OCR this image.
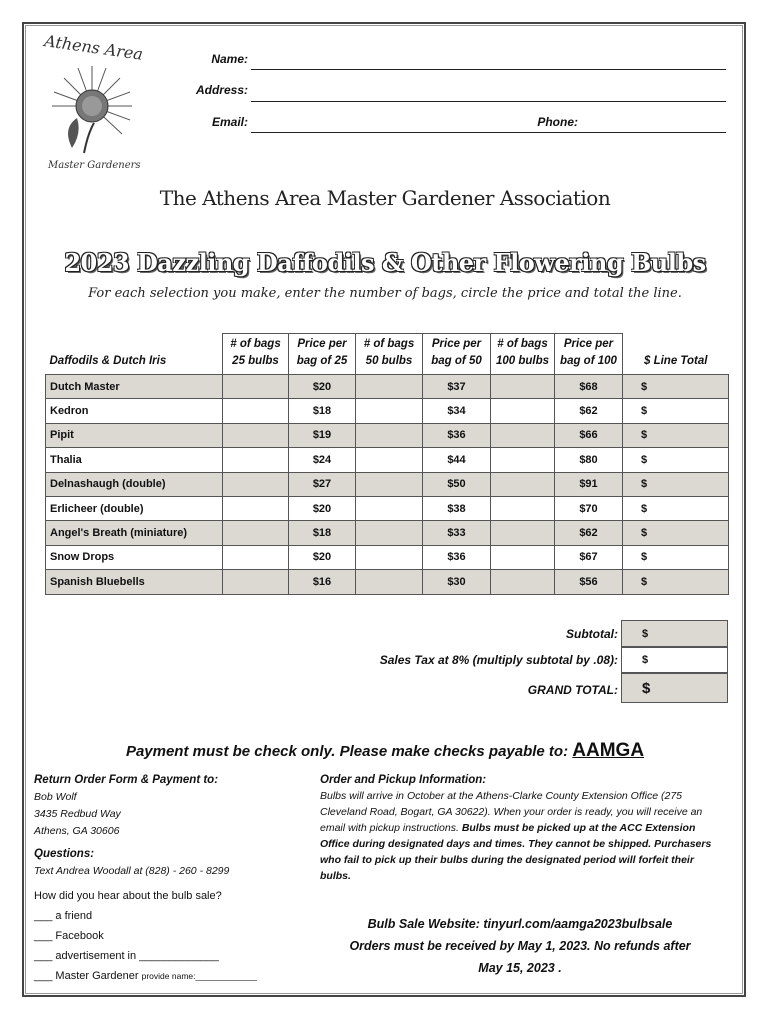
Athens Area
Master Gardeners
Name:
Address:
Email:	Phone:
The Athens Area Master Gardener Association
2023 Dazzling Daffodils & Other Flowering Bulbs
For each selection you make, enter the number of bags, circle the price and total the line.
Daffodils & Dutch Iris	# of bags 25 bulbs	Price per bag of 25	# of bags 50 bulbs	Price per bag of 50	# of bags 100 bulbs	Price per bag of 100	$ Line Total
Dutch Master		$20		$37		$68	$
Kedron		$18		$34		$62	$
Pipit		$19		$36		$66	$
Thalia		$24		$44		$80	$
Delnashaugh (double)		$27		$50		$91	$
Erlicheer (double)		$20		$38		$70	$
Angel's Breath (miniature)		$18		$33		$62	$
Snow Drops		$20		$36		$67	$
Spanish Bluebells		$16		$30		$56	$
Subtotal:	$
Sales Tax at 8% (multiply subtotal by .08):	$
GRAND TOTAL:	$
Payment must be check only. Please make checks payable to: AAMGA
Return Order Form & Payment to:
Bob Wolf
3435 Redbud Way
Athens, GA 30606
Questions:
Text Andrea Woodall at (828) - 260 - 8299
How did you hear about the bulb sale?
___ a friend
___ Facebook
___ advertisement in _____________
___ Master Gardener provide name:_____________
Order and Pickup Information:
Bulbs will arrive in October at the Athens-Clarke County Extension Office (275 Cleveland Road, Bogart, GA 30622). When your order is ready, you will receive an email with pickup instructions. Bulbs must be picked up at the ACC Extension Office during designated days and times. They cannot be shipped. Purchasers who fail to pick up their bulbs during the designated period will forfeit their bulbs.
Bulb Sale Website: tinyurl.com/aamga2023bulbsale
Orders must be received by May 1, 2023. No refunds after
May 15, 2023 .
